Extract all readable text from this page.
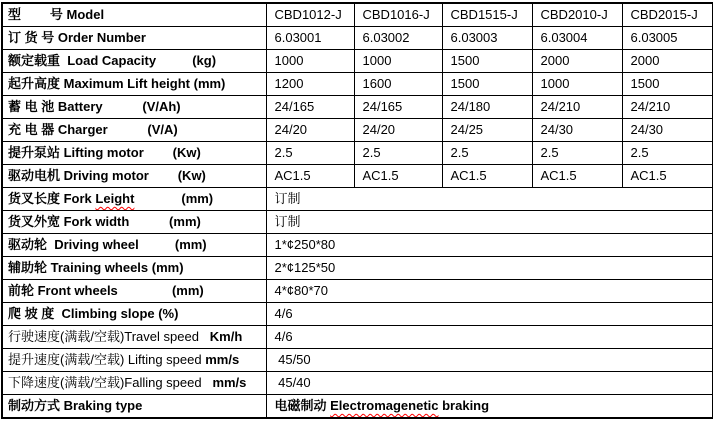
型        号 Model	CBD1012-J	CBD1016-J	CBD1515-J	CBD2010-J	CBD2015-J
订 货 号 Order Number	6.03001	6.03002	6.03003	6.03004	6.03005
额定载重  Load Capacity          (kg)	1000	1000	1500	2000	2000
起升高度 Maximum Lift height (mm)	1200	1600	1500	1000	1500
蓄 电 池 Battery           (V/Ah)	24/165	24/165	24/180	24/210	24/210
充 电 器 Charger           (V/A)	24/20	24/20	24/25	24/30	24/30
提升泵站 Lifting motor        (Kw)	2.5	2.5	2.5	2.5	2.5
驱动电机 Driving motor        (Kw)	AC1.5	AC1.5	AC1.5	AC1.5	AC1.5
货叉长度 Fork Leight             (mm)	订制				
货叉外宽 Fork width           (mm)	订制				
驱动轮  Driving wheel          (mm)	1*¢250*80				
辅助轮 Training wheels (mm)	2*¢125*50				
前轮 Front wheels               (mm)	4*¢80*70				
爬 坡 度  Climbing slope (%)	4/6				
行驶速度(满载/空载)Travel speed   Km/h	4/6				
提升速度(满载/空载) Lifting speed mm/s	45/50				
下降速度(满载/空载)Falling speed   mm/s	45/40				
制动方式 Braking type	电磁制动 Electromagenetic braking				
